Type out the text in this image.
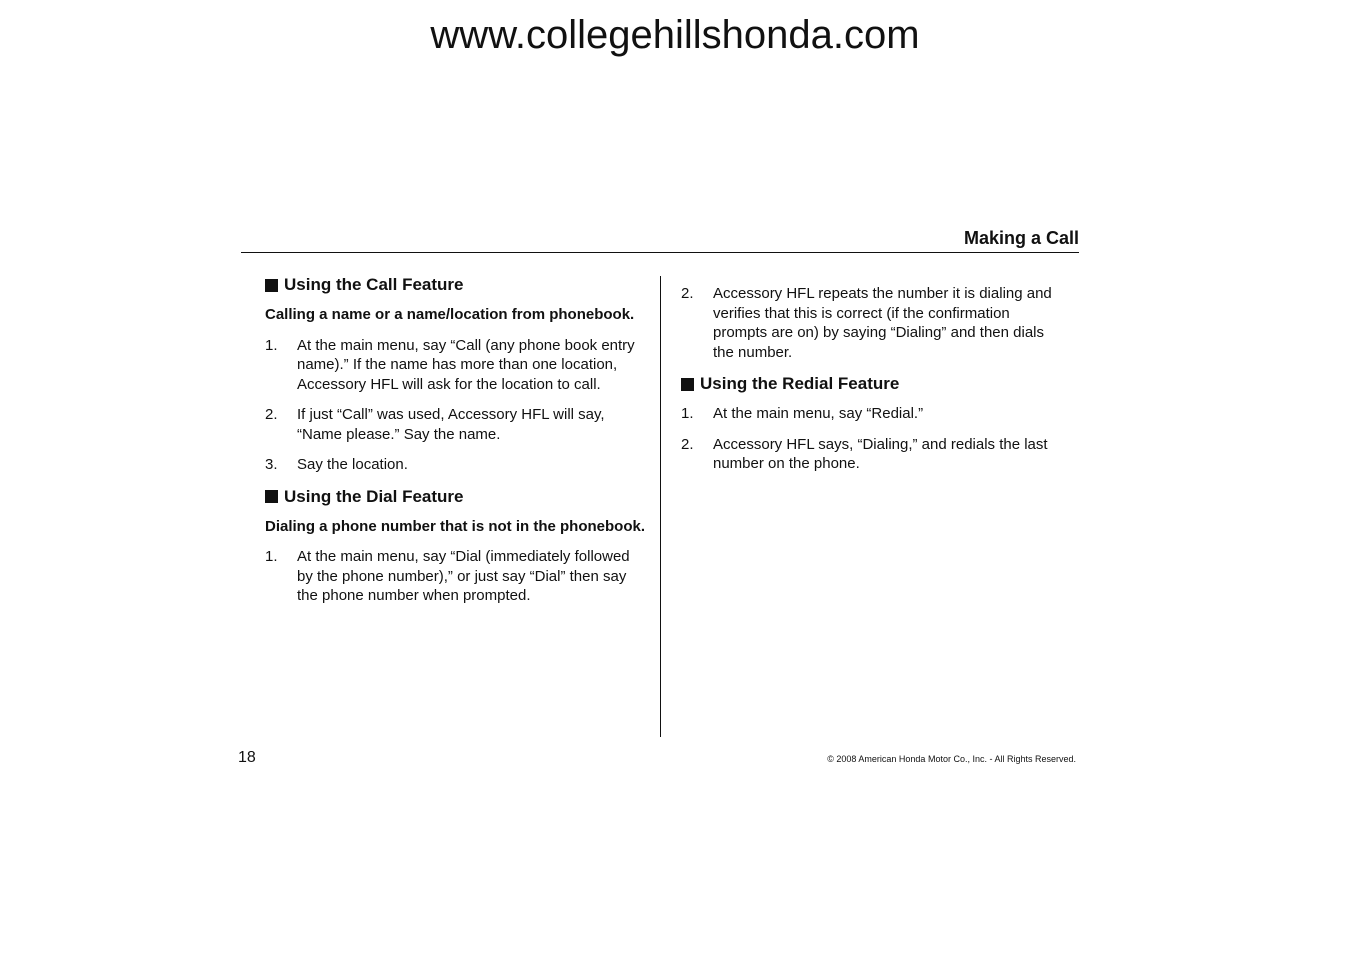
www.collegehillshonda.com
Making a Call
Using the Call Feature
Calling a name or a name/location from phonebook.
1.	At the main menu, say “Call (any phone book entry name).” If the name has more than one location, Accessory HFL will ask for the location to call.
2.	If just “Call” was used, Accessory HFL will say, “Name please.” Say the name.
3.	Say the location.
Using the Dial Feature
Dialing a phone number that is not in the phonebook.
1.	At the main menu, say “Dial (immediately followed by the phone number),” or just say “Dial” then say the phone number when prompted.
2.	Accessory HFL repeats the number it is dialing and verifies that this is correct (if the confirmation prompts are on) by saying “Dialing” and then dials the number.
Using the Redial Feature
1.	At the main menu, say “Redial.”
2.	Accessory HFL says, “Dialing,” and redials the last number on the phone.
18	© 2008 American Honda Motor Co., Inc. - All Rights Reserved.
